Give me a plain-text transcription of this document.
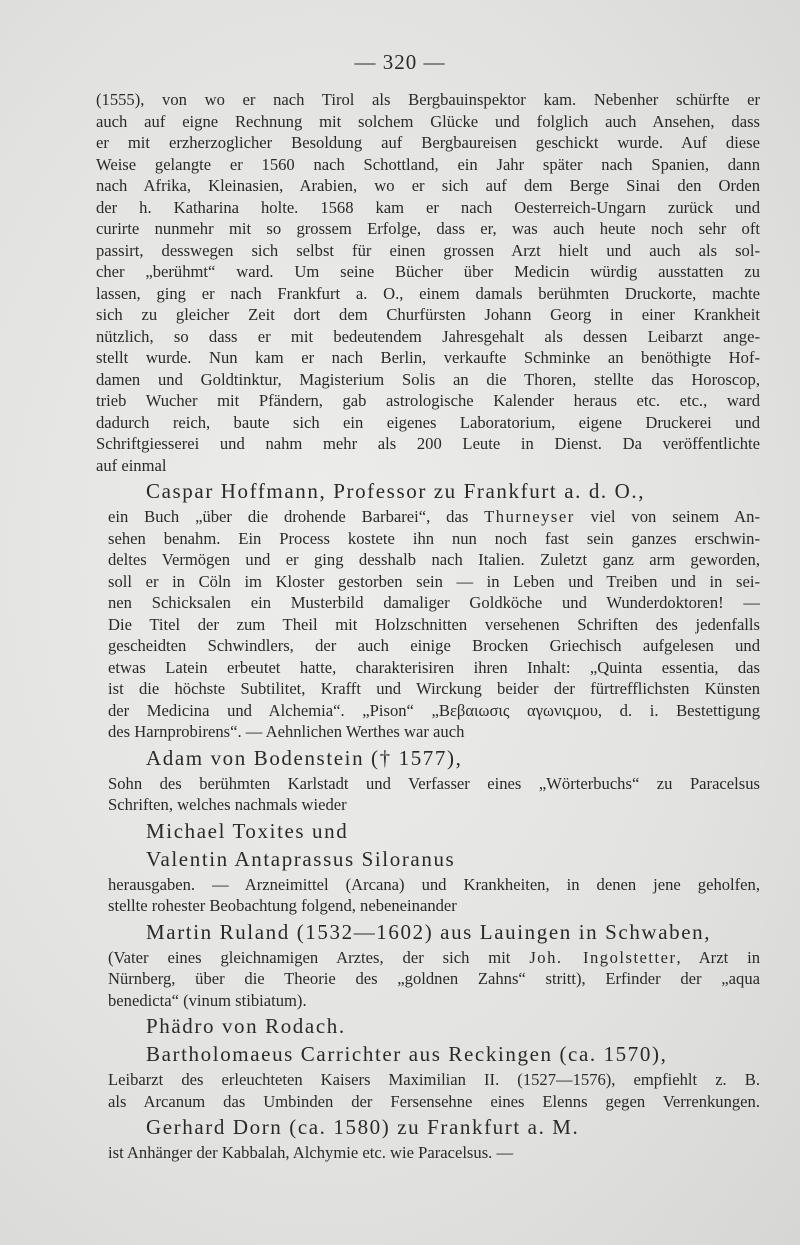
— 320 —
(1555), von wo er nach Tirol als Bergbauinspektor kam. Nebenher schürfte er
auch auf eigne Rechnung mit solchem Glücke und folglich auch Ansehen, dass
er mit erzherzoglicher Besoldung auf Bergbaureisen geschickt wurde. Auf diese
Weise gelangte er 1560 nach Schottland, ein Jahr später nach Spanien, dann
nach Afrika, Kleinasien, Arabien, wo er sich auf dem Berge Sinai den Orden
der h. Katharina holte. 1568 kam er nach Oesterreich-Ungarn zurück und
curirte nunmehr mit so grossem Erfolge, dass er, was auch heute noch sehr oft
passirt, desswegen sich selbst für einen grossen Arzt hielt und auch als sol-
cher „berühmt“ ward. Um seine Bücher über Medicin würdig ausstatten zu
lassen, ging er nach Frankfurt a. O., einem damals berühmten Druckorte, machte
sich zu gleicher Zeit dort dem Churfürsten Johann Georg in einer Krankheit
nützlich, so dass er mit bedeutendem Jahresgehalt als dessen Leibarzt ange-
stellt wurde. Nun kam er nach Berlin, verkaufte Schminke an benöthigte Hof-
damen und Goldtinktur, Magisterium Solis an die Thoren, stellte das Horoscop,
trieb Wucher mit Pfändern, gab astrologische Kalender heraus etc. etc., ward
dadurch reich, baute sich ein eigenes Laboratorium, eigene Druckerei und
Schriftgiesserei und nahm mehr als 200 Leute in Dienst. Da veröffentlichte
auf einmal
Caspar Hoffmann, Professor zu Frankfurt a. d. O.,
ein Buch „über die drohende Barbarei“, das Thurneyser viel von seinem An-
sehen benahm. Ein Process kostete ihn nun noch fast sein ganzes erschwin-
deltes Vermögen und er ging desshalb nach Italien. Zuletzt ganz arm geworden,
soll er in Cöln im Kloster gestorben sein — in Leben und Treiben und in sei-
nen Schicksalen ein Musterbild damaliger Goldköche und Wunderdoktoren! —
Die Titel der zum Theil mit Holzschnitten versehenen Schriften des jedenfalls
gescheidten Schwindlers, der auch einige Brocken Griechisch aufgelesen und
etwas Latein erbeutet hatte, charakterisiren ihren Inhalt: „Quinta essentia, das
ist die höchste Subtilitet, Krafft und Wirckung beider der fürtrefflichsten Künsten
der Medicina und Alchemia“. „Pison“ „Βεβαιωσις αγωνιςμου, d. i. Bestettigung
des Harnprobirens“. — Aehnlichen Werthes war auch
Adam von Bodenstein († 1577),
Sohn des berühmten Karlstadt und Verfasser eines „Wörterbuchs“ zu Paracelsus
Schriften, welches nachmals wieder
Michael Toxites und
Valentin Antaprassus Siloranus
herausgaben. — Arzneimittel (Arcana) und Krankheiten, in denen jene geholfen,
stellte rohester Beobachtung folgend, nebeneinander
Martin Ruland (1532—1602) aus Lauingen in Schwaben,
(Vater eines gleichnamigen Arztes, der sich mit Joh. Ingolstetter, Arzt in
Nürnberg, über die Theorie des „goldnen Zahns“ stritt), Erfinder der „aqua
benedicta“ (vinum stibiatum).
Phädro von Rodach.
Bartholomaeus Carrichter aus Reckingen (ca. 1570),
Leibarzt des erleuchteten Kaisers Maximilian II. (1527—1576), empfiehlt z. B.
als Arcanum das Umbinden der Fersensehne eines Elenns gegen Verrenkungen.
Gerhard Dorn (ca. 1580) zu Frankfurt a. M.
ist Anhänger der Kabbalah, Alchymie etc. wie Paracelsus. —
